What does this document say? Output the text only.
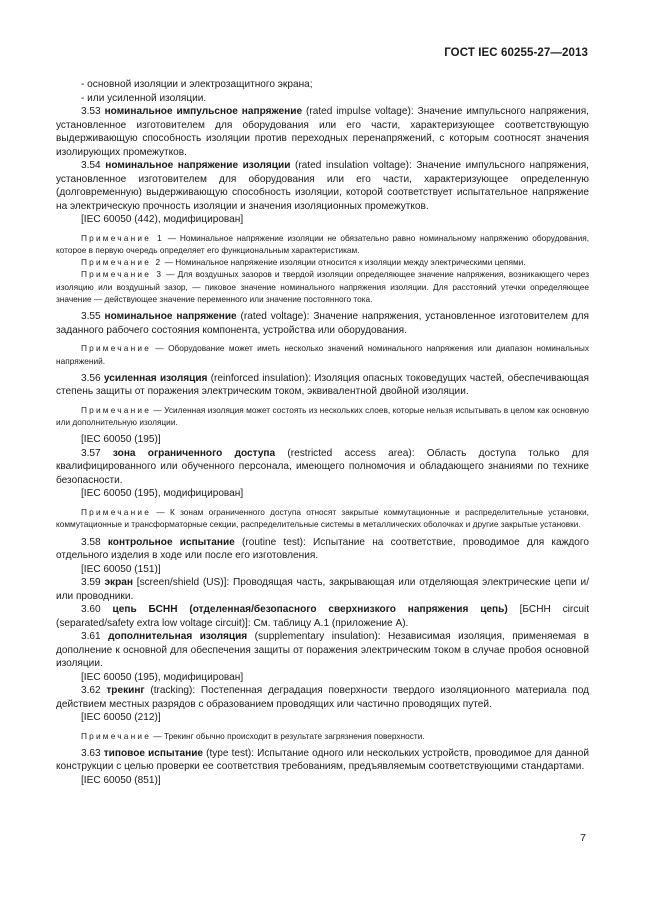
ГОСТ IEC 60255-27—2013

- основной изоляции и электрозащитного экрана;

- или усиленной изоляции.

3.53 номинальное импульсное напряжение (rated impulse voltage): Значение импульсного напряжения, установленное изготовителем для оборудования или его части, характеризующее соответствующую выдерживающую способность изоляции против переходных перенапряжений, с которым соотносят значения изолирующих промежутков.

3.54 номинальное напряжение изоляции (rated insulation voltage): Значение импульсного напряжения, установленное изготовителем для оборудования или его части, характеризующее определенную (долговременную) выдерживающую способность изоляции, которой соответствует испытательное напряжение на электрическую прочность изоляции и значения изоляционных промежутков.

[IEC 60050 (442), модифицирован]

Примечание 1 — Номинальное напряжение изоляции не обязательно равно номинальному напряжению оборудования, которое в первую очередь определяет его функциональным характеристикам.

Примечание 2 — Номинальное напряжение изоляции относится к изоляции между электрическими цепями.

Примечание 3 — Для воздушных зазоров и твердой изоляции определяющее значение напряжения, возникающего через изоляцию или воздушный зазор, — пиковое значение номинального напряжения изоляции. Для расстояний утечки определяющее значение — действующее значение переменного или значение постоянного тока.

3.55 номинальное напряжение (rated voltage): Значение напряжения, установленное изготовителем для заданного рабочего состояния компонента, устройства или оборудования.

Примечание — Оборудование может иметь несколько значений номинального напряжения или диапазон номинальных напряжений.

3.56 усиленная изоляция (reinforced insulation): Изоляция опасных токоведущих частей, обеспечивающая степень защиты от поражения электрическим током, эквивалентной двойной изоляции.

Примечание — Усиленная изоляция может состоять из нескольких слоев, которые нельзя испытывать в целом как основную или дополнительную изоляции.

[IEC 60050 (195)]

3.57 зона ограниченного доступа (restricted access area): Область доступа только для квалифицированного или обученного персонала, имеющего полномочия и обладающего знаниями по технике безопасности.

[IEC 60050 (195), модифицирован]

Примечание — К зонам ограниченного доступа относят закрытые коммутационные и распределительные установки, коммутационные и трансформаторные секции, распределительные системы в металлических оболочках и другие закрытые установки.

3.58 контрольное испытание (routine test): Испытание на соответствие, проводимое для каждого отдельного изделия в ходе или после его изготовления.

[IEC 60050 (151)]

3.59 экран [screen/shield (US)]: Проводящая часть, закрывающая или отделяющая электрические цепи и/или проводники.

3.60 цепь БСНН (отделенная/безопасного сверхнизкого напряжения цепь) [БСНН circuit (separated/safety extra low voltage circuit)]: См. таблицу А.1 (приложение А).

3.61 дополнительная изоляция (supplementary insulation): Независимая изоляция, применяемая в дополнение к основной для обеспечения защиты от поражения электрическим током в случае пробоя основной изоляции.

[IEC 60050 (195), модифицирован]

3.62 трекинг (tracking): Постепенная деградация поверхности твердого изоляционного материала под действием местных разрядов с образованием проводящих или частично проводящих путей.

[IEC 60050 (212)]

Примечание — Трекинг обычно происходит в результате загрязнения поверхности.

3.63 типовое испытание (type test): Испытание одного или нескольких устройств, проводимое для данной конструкции с целью проверки ее соответствия требованиям, предъявляемым соответствующими стандартами.

[IEC 60050 (851)]

7
